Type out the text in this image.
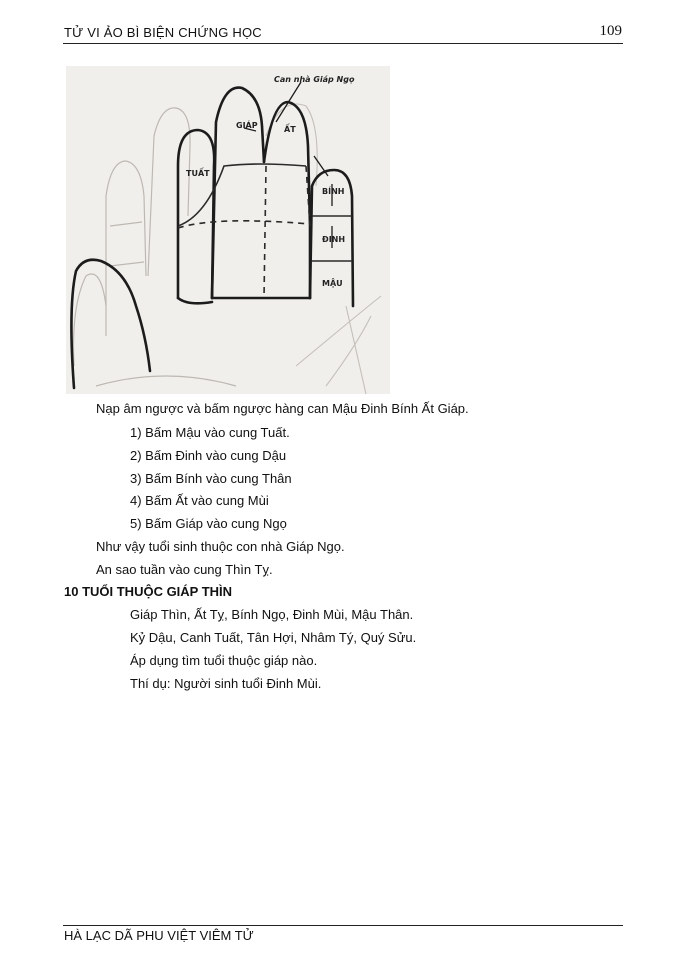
TỬ VI ẢO BÌ BIỆN CHỨNG HỌC	109
Can nhà Giáp Ngọ
TUẤT
GIÁP	ẤT
BÍNH
ĐINH
MẬU
Nạp âm ngược và bấm ngược hàng can Mậu Đinh Bính Ất Giáp.
1) Bấm Mậu vào cung Tuất.
2) Bấm Đinh vào cung Dậu
3) Bấm Bính vào cung Thân
4) Bấm Ất vào cung Mùi
5) Bấm Giáp vào cung Ngọ
Như vậy tuổi sinh thuộc con nhà Giáp Ngọ.
An sao tuần vào cung Thìn Tỵ.
10 TUỔI THUỘC GIÁP THÌN
Giáp Thìn, Ất Tỵ, Bính Ngọ, Đinh Mùi, Mậu Thân.
Kỷ Dậu, Canh Tuất, Tân Hợi, Nhâm Tý, Quý Sửu.
Áp dụng tìm tuổi thuộc giáp nào.
Thí dụ: Người sinh tuổi Đinh Mùi.
HÀ LẠC DÃ PHU VIỆT VIÊM TỬ
